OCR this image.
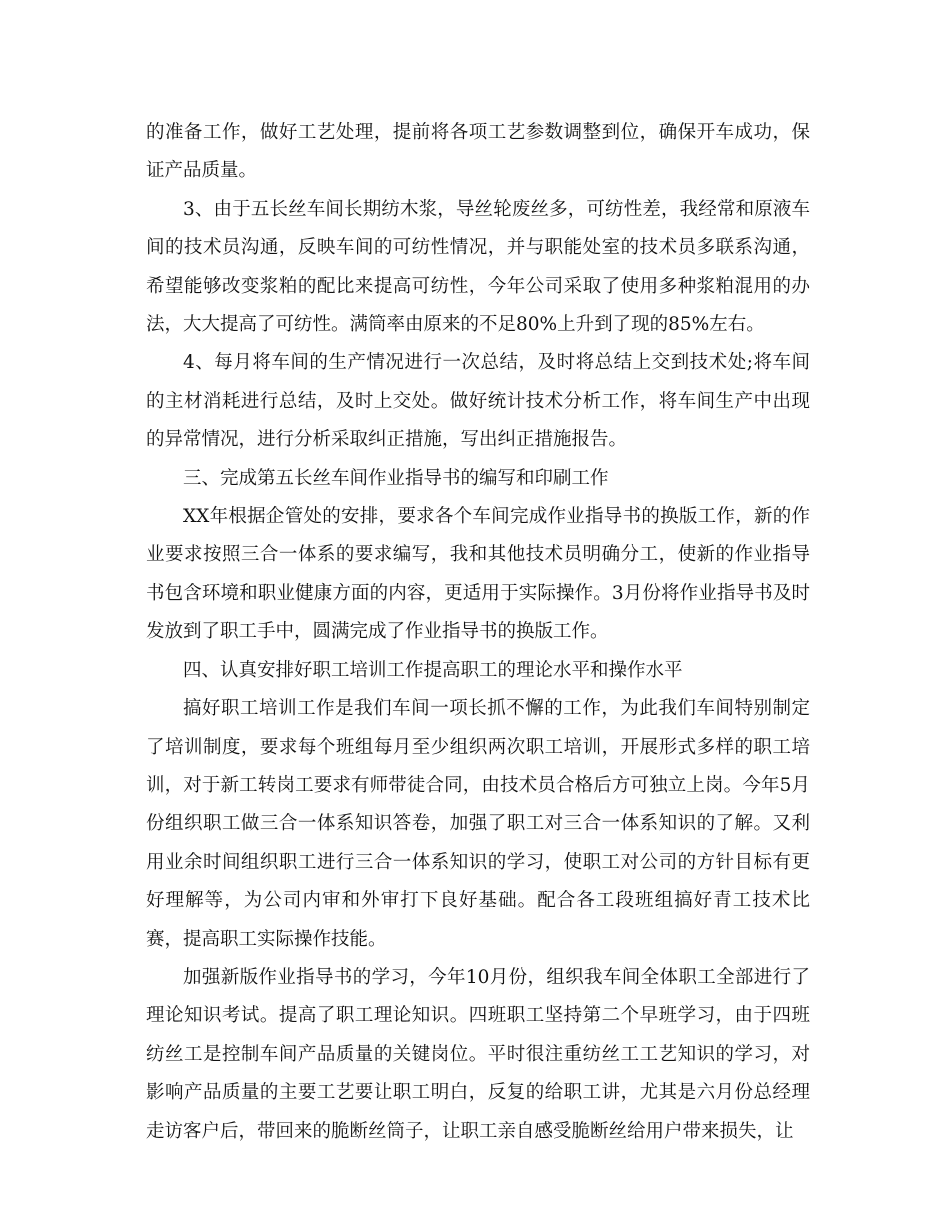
的准备工作，做好工艺处理，提前将各项工艺参数调整到位，确保开车成功，保证产品质量。

3、由于五长丝车间长期纺木浆，导丝轮废丝多，可纺性差，我经常和原液车间的技术员沟通，反映车间的可纺性情况，并与职能处室的技术员多联系沟通，希望能够改变浆粕的配比来提高可纺性，今年公司采取了使用多种浆粕混用的办法，大大提高了可纺性。满筒率由原来的不足80%上升到了现的85%左右。

4、每月将车间的生产情况进行一次总结，及时将总结上交到技术处;将车间的主材消耗进行总结，及时上交处。做好统计技术分析工作，将车间生产中出现的异常情况，进行分析采取纠正措施，写出纠正措施报告。

三、完成第五长丝车间作业指导书的编写和印刷工作

XX年根据企管处的安排，要求各个车间完成作业指导书的换版工作，新的作业要求按照三合一体系的要求编写，我和其他技术员明确分工，使新的作业指导书包含环境和职业健康方面的内容，更适用于实际操作。3月份将作业指导书及时发放到了职工手中，圆满完成了作业指导书的换版工作。

四、认真安排好职工培训工作提高职工的理论水平和操作水平

搞好职工培训工作是我们车间一项长抓不懈的工作，为此我们车间特别制定了培训制度，要求每个班组每月至少组织两次职工培训，开展形式多样的职工培训，对于新工转岗工要求有师带徒合同，由技术员合格后方可独立上岗。今年5月份组织职工做三合一体系知识答卷，加强了职工对三合一体系知识的了解。又利用业余时间组织职工进行三合一体系知识的学习，使职工对公司的方针目标有更好理解等，为公司内审和外审打下良好基础。配合各工段班组搞好青工技术比赛，提高职工实际操作技能。

加强新版作业指导书的学习，今年10月份，组织我车间全体职工全部进行了理论知识考试。提高了职工理论知识。四班职工坚持第二个早班学习，由于四班纺丝工是控制车间产品质量的关键岗位。平时很注重纺丝工工艺知识的学习，对影响产品质量的主要工艺要让职工明白，反复的给职工讲，尤其是六月份总经理走访客户后，带回来的脆断丝筒子，让职工亲自感受脆断丝给用户带来损失，让
